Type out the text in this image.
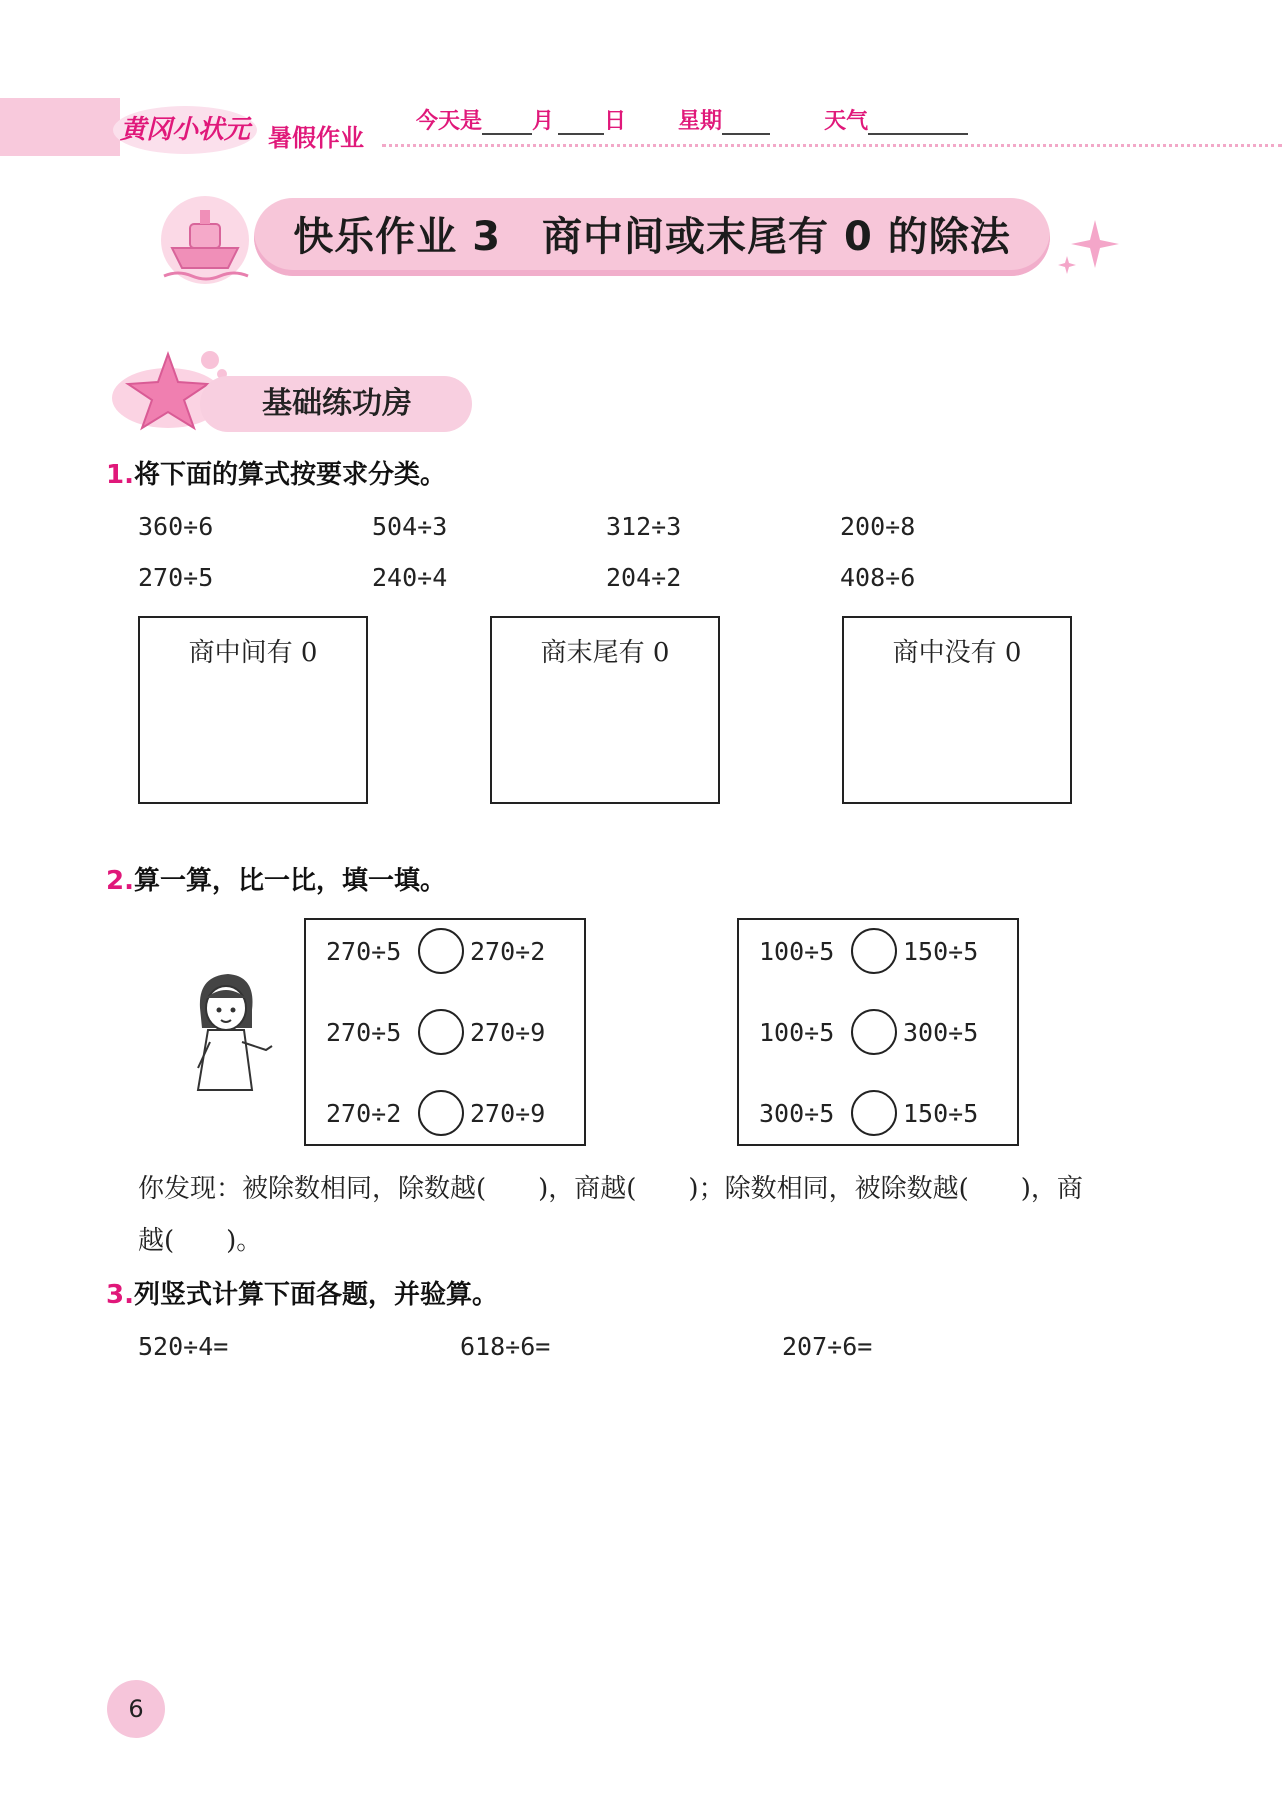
黄冈小状元 暑假作业
今天是 月 日 星期	天气
快乐作业 3　商中间或末尾有 0 的除法
基础练功房
1.将下面的算式按要求分类。
360÷6	504÷3	312÷3	200÷8
270÷5	240÷4	204÷2	408÷6
商中间有 0	商末尾有 0	商中没有 0
2.算一算，比一比，填一填。
270÷5	270÷2
270÷5	270÷9
270÷2	270÷9
100÷5	150÷5
100÷5	300÷5
300÷5	150÷5
你发现：被除数相同，除数越(　　)，商越(　　)；除数相同，被除数越(　　)，商
越(　　)。
3.列竖式计算下面各题，并验算。
520÷4=	618÷6=	207÷6=
6
